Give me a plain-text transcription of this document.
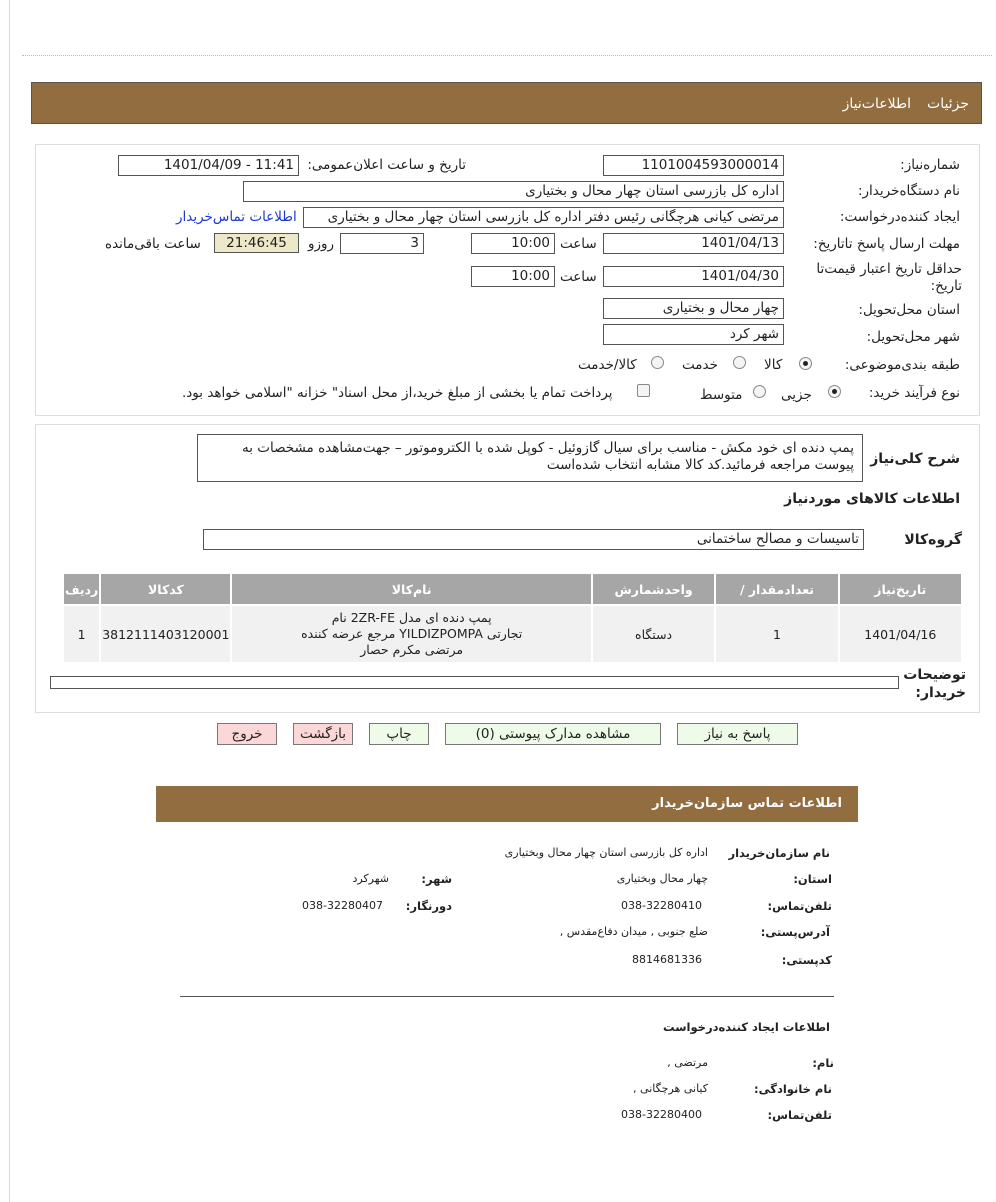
جزئیات
اطلاعات‌نیاز
شماره‌نیاز:
1101004593000014
تاریخ و ساعت اعلان‌عمومی:
1401/04/09 - 11:41
نام دستگاه‌خریدار:
اداره کل بازرسی استان چهار محال و بختیاری
ایجاد کننده‌درخواست:
مرتضی کیانی هرچگانی رئیس دفتر اداره کل بازرسی استان چهار محال و بختیاری
اطلاعات تماس‌خریدار
مهلت ارسال پاسخ تا‌تاریخ:
1401/04/13
ساعت
10:00
3
روزو
21:46:45
ساعت باقی‌مانده
حداقل تاریخ اعتبار قیمت‌تا
تاریخ:
1401/04/30
ساعت
10:00
استان محل‌تحویل:
چهار محال و بختیاری
شهر محل‌تحویل:
شهر کرد
طبقه بندی‌موضوعی:
کالا
خدمت
کالا/خدمت
نوع فرآیند خرید:
جزیی
متوسط
پرداخت تمام یا بخشی از مبلغ خرید،از محل اسناد" خزانه "اسلامی خواهد بود.
شرح کلی‌نیاز
پمپ دنده ای خود مکش - مناسب برای سیال گازوئیل - کوپل شده با الکتروموتور – جهت‌مشاهده مشخصات به پیوست مراجعه فرمائید.کد کالا مشابه انتخاب شده‌است
اطلاعات کالاهای موردنیاز
گروه‌کالا
تاسیسات و مصالح ساختمانی
ردیف	کدکالا	نام‌کالا	واحدشمارش	تعدادمقدار /	تاریخ‌نیاز
1	3812111403120001	پمپ دنده ای مدل 2ZR-FE نام
تجارتی YILDIZPOMPA مرجع عرضه کننده
مرتضی مکرم حصار	دستگاه	1	1401/04/16
توضیحات
خریدار:
پاسخ به نیاز
مشاهده مدارک پیوستی (0)
چاپ
بازگشت
خروج
اطلاعات تماس سازمان‌خریدار
نام سازمان‌خریدار
اداره کل بازرسی استان چهار محال وبختیاری
استان:
چهار محال وبختیاری
شهر:
شهرکرد
تلفن‌تماس:
038-32280410
دورنگار:
038-32280407
آدرس‌پستی:
ضلع جنوبی , میدان دفاع‌مقدس ,
کد‌پستی:
8814681336
اطلاعات ایجاد کننده‌درخواست
نام:
مرتضی ,
نام خانوادگی:
کیانی هرچگانی ,
تلفن‌تماس:
038-32280400
